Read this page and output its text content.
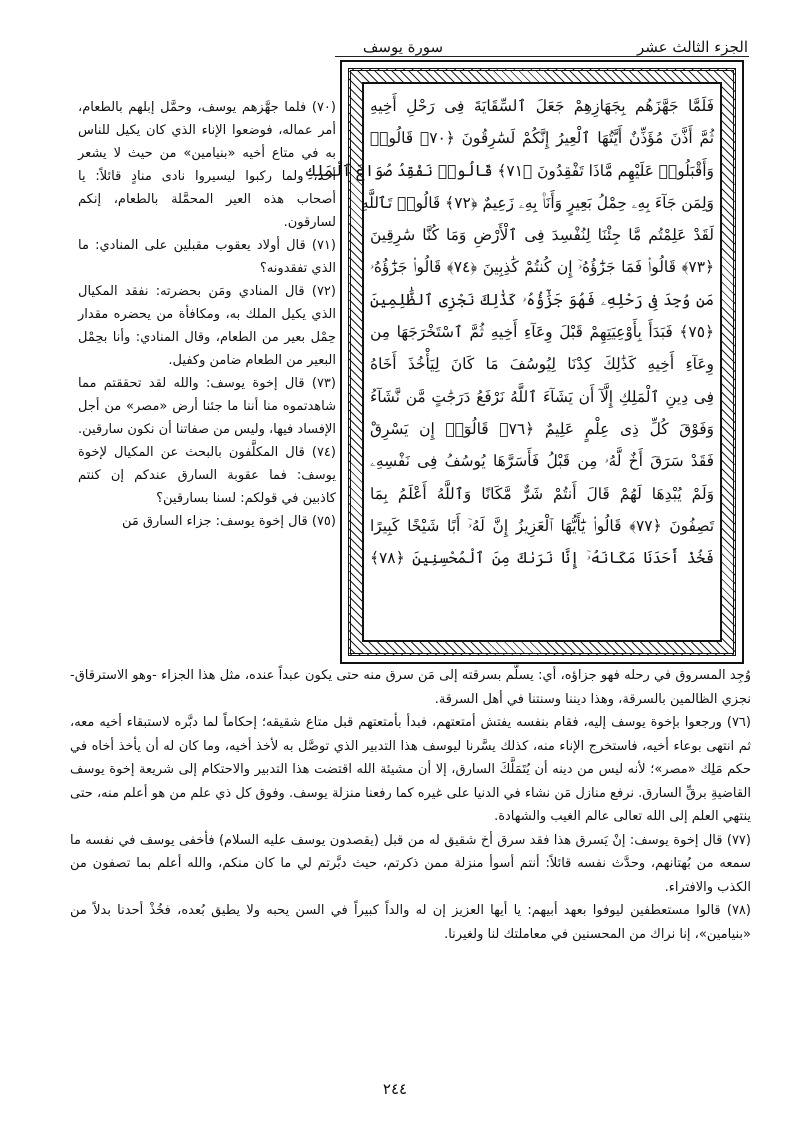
الجزء الثالث عشر
سورة يوسف
فَلَمَّا جَهَّزَهُم بِجَهَازِهِمْ جَعَلَ ٱلسِّقَايَةَ فِى رَحْلِ أَخِيهِ
ثُمَّ أَذَّنَ مُؤَذِّنٌ أَيَّتُهَا ٱلْعِيرُ إِنَّكُمْ لَسَٰرِقُونَ ﴿٧٠﴾ قَالُوا۟
وَأَقْبَلُوا۟ عَلَيْهِم مَّاذَا تَفْقِدُونَ ﴿٧١﴾ قَالُوا۟ نَفْقِدُ صُوَاعَ ٱلْمَلِكِ
وَلِمَن جَآءَ بِهِۦ حِمْلُ بَعِيرٍ وَأَنَا۠ بِهِۦ زَعِيمٌ ﴿٧٢﴾ قَالُوا۟ تَٱللَّهِ
لَقَدْ عَلِمْتُم مَّا جِئْنَا لِنُفْسِدَ فِى ٱلْأَرْضِ وَمَا كُنَّا سَٰرِقِينَ
﴿٧٣﴾ قَالُوا۟ فَمَا جَزَٰٓؤُهُۥٓ إِن كُنتُمْ كَٰذِبِينَ ﴿٧٤﴾ قَالُوا۟ جَزَٰٓؤُهُۥ
مَن وُجِدَ فِى رَحْلِهِۦ فَهُوَ جَزَٰٓؤُهُۥ كَذَٰلِكَ نَجْزِى ٱلظَّٰلِمِينَ
﴿٧٥﴾ فَبَدَأَ بِأَوْعِيَتِهِمْ قَبْلَ وِعَآءِ أَخِيهِ ثُمَّ ٱسْتَخْرَجَهَا مِن
وِعَآءِ أَخِيهِ كَذَٰلِكَ كِدْنَا لِيُوسُفَ مَا كَانَ لِيَأْخُذَ أَخَاهُ
فِى دِينِ ٱلْمَلِكِ إِلَّآ أَن يَشَآءَ ٱللَّهُ نَرْفَعُ دَرَجَٰتٍ مَّن نَّشَآءُ
وَفَوْقَ كُلِّ ذِى عِلْمٍ عَلِيمٌ ﴿٧٦﴾ قَالُوٓا۟ إِن يَسْرِقْ
فَقَدْ سَرَقَ أَخٌ لَّهُۥ مِن قَبْلُ فَأَسَرَّهَا يُوسُفُ فِى نَفْسِهِۦ
وَلَمْ يُبْدِهَا لَهُمْ قَالَ أَنتُمْ شَرٌّ مَّكَانًا وَٱللَّهُ أَعْلَمُ بِمَا
تَصِفُونَ ﴿٧٧﴾ قَالُوا۟ يَٰٓأَيُّهَا ٱلْعَزِيزُ إِنَّ لَهُۥٓ أَبًا شَيْخًا كَبِيرًا
فَخُذْ أَحَدَنَا مَكَانَهُۥٓ إِنَّا نَرَىٰكَ مِنَ ٱلْمُحْسِنِينَ ﴿٧٨﴾

(٧٠) فلما جهَّزهم يوسف، وحمَّل إبلهم بالطعام، أمر عماله، فوضعوا الإناء الذي كان يكيل للناس به في متاع أخيه «بنيامين» من حيث لا يشعر أحد، ولما ركبوا ليسيروا نادى منادٍ قائلاً: يا أصحاب هذه العير المحمَّلة بالطعام، إنكم لسارقون.

(٧١) قال أولاد يعقوب مقبلين على المنادي: ما الذي تفقدونه؟

(٧٢) قال المنادي ومَن بحضرته: نفقد المكيال الذي يكيل الملك به، ومكافأة من يحضره مقدار حِمْل بعير من الطعام، وقال المنادي: وأنا بحِمْل البعير من الطعام ضامن وكفيل.

(٧٣) قال إخوة يوسف: والله لقد تحققتم مما شاهدتموه منا أننا ما جئنا أرض «مصر» من أجل الإفساد فيها، وليس من صفاتنا أن نكون سارقين.

(٧٤) قال المكلَّفون بالبحث عن المكيال لإخوة يوسف: فما عقوبة السارق عندكم إن كنتم كاذبين في قولكم: لسنا بسارقين؟

(٧٥) قال إخوة يوسف: جزاء السارق مَن

وُجِد المسروق في رحله فهو جزاؤه، أي: يسلَّم بسرقته إلى مَن سرق منه حتى يكون عبداً عنده، مثل هذا الجزاء -وهو الاسترقاق- نجزي الظالمين بالسرقة، وهذا ديننا وسنتنا في أهل السرقة.

(٧٦) ورجعوا بإخوة يوسف إليه، فقام بنفسه يفتش أمتعتهم، فبدأ بأمتعتهم قبل متاع شقيقه؛ إحكاماً لما دبَّره لاستبقاء أخيه معه، ثم انتهى بوعاء أخيه، فاستخرج الإناء منه، كذلك يسَّرنا ليوسف هذا التدبير الذي توصَّل به لأخذ أخيه، وما كان له أن يأخذ أخاه في حكم مَلِك «مصر»؛ لأنه ليس من دينه أن يُتَمَلَّكَ السارق، إلا أن مشيئة الله اقتضت هذا التدبير والاحتكام إلى شريعة إخوة يوسف القاضيةِ برقِّ السارق. نرفع منازل مَن نشاء في الدنيا على غيره كما رفعنا منزلة يوسف. وفوق كل ذي علم من هو أعلم منه، حتى ينتهي العلم إلى الله تعالى عالم الغيب والشهادة.

(٧٧) قال إخوة يوسف: إنْ يَسرق هذا فقد سرق أخ شقيق له من قبل (يقصدون يوسف عليه السلام) فأخفى يوسف في نفسه ما سمعه من بُهتانهم، وحدَّث نفسه قائلاً: أنتم أسوأ منزلة ممن ذكرتم، حيث دبَّرتم لي ما كان منكم، والله أعلم بما تصفون من الكذب والافتراء.

(٧٨) قالوا مستعطفين ليوفوا بعهد أبيهم: يا أيها العزيز إن له والداً كبيراً في السن يحبه ولا يطيق بُعده، فخُذْ أحدنا بدلاً من «بنيامين»، إنا نراك من المحسنين في معاملتك لنا ولغيرنا.

٢٤٤
